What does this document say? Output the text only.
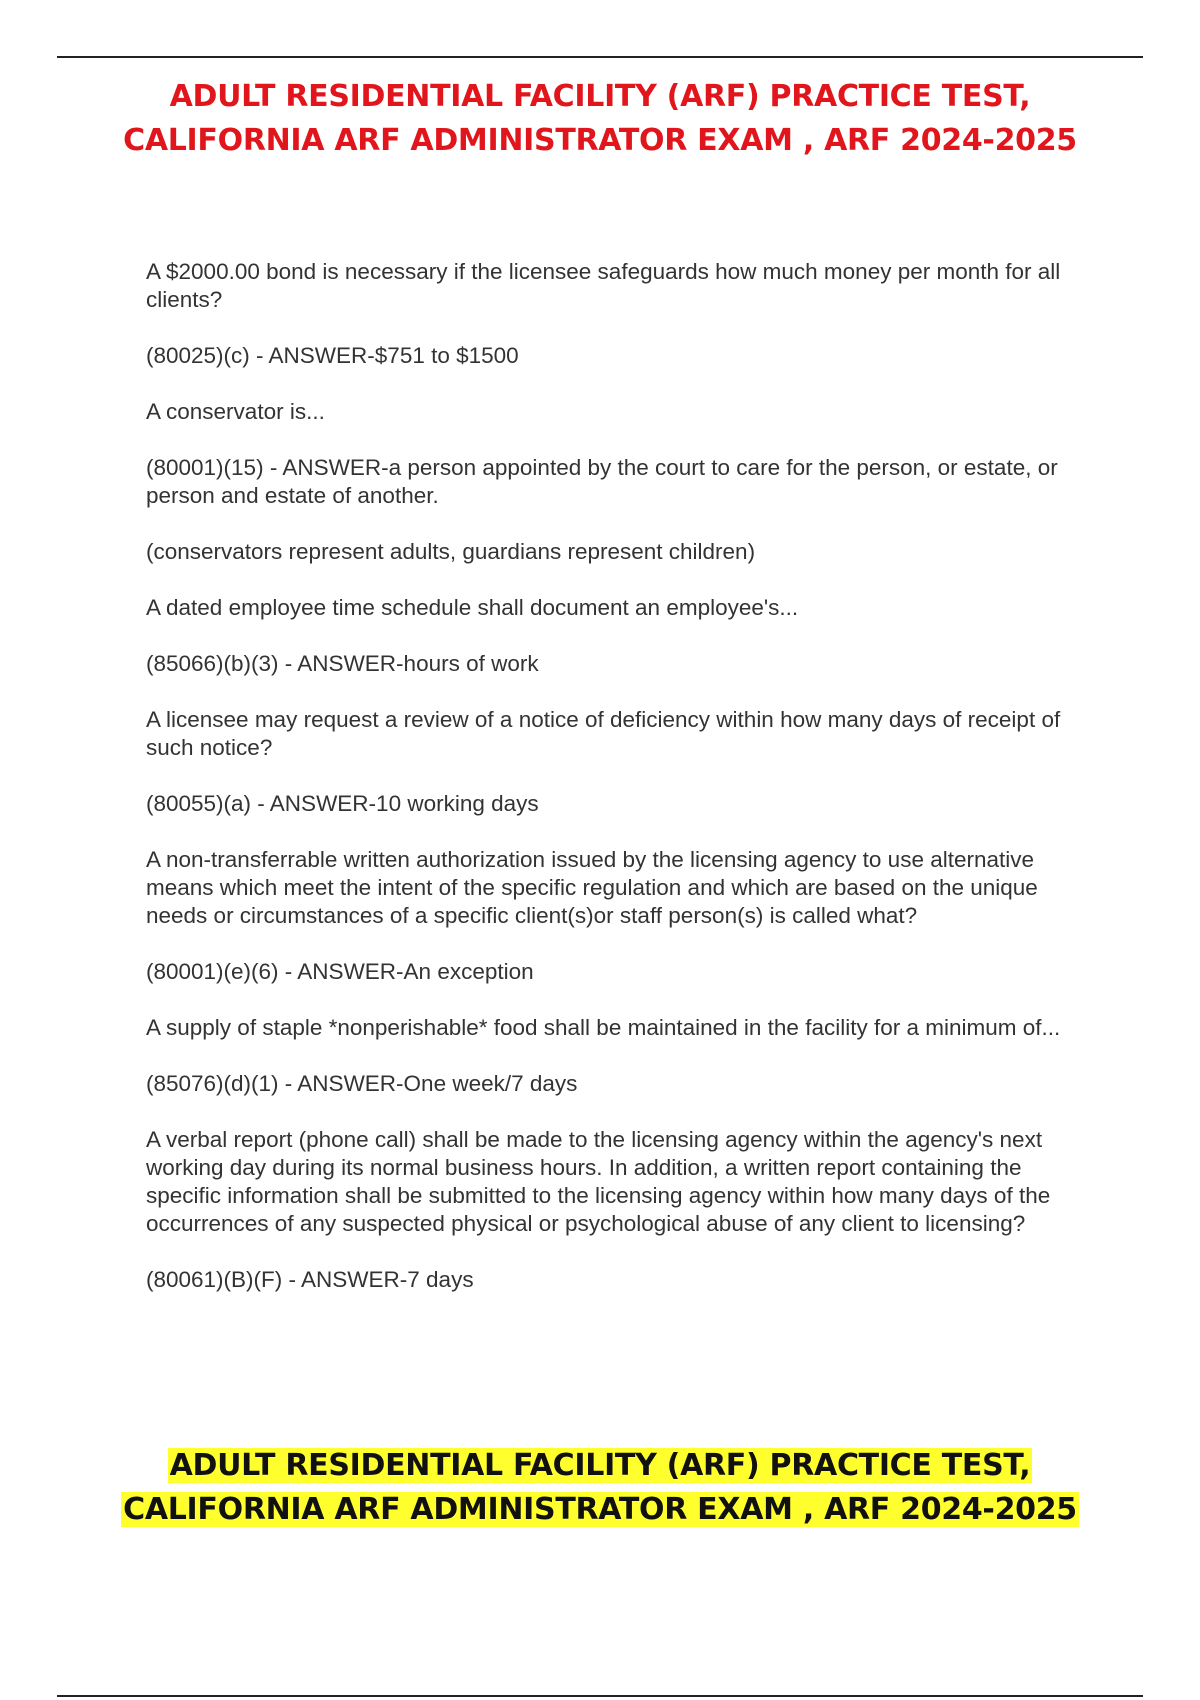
ADULT RESIDENTIAL FACILITY (ARF) PRACTICE TEST, CALIFORNIA ARF ADMINISTRATOR EXAM , ARF 2024-2025

A $2000.00 bond is necessary if the licensee safeguards how much money per month for all clients?

(80025)(c) - ANSWER-$751 to $1500

A conservator is...

(80001)(15) - ANSWER-a person appointed by the court to care for the person, or estate, or person and estate of another.

(conservators represent adults, guardians represent children)

A dated employee time schedule shall document an employee's...

(85066)(b)(3) - ANSWER-hours of work

A licensee may request a review of a notice of deficiency within how many days of receipt of such notice?

(80055)(a) - ANSWER-10 working days

A non-transferrable written authorization issued by the licensing agency to use alternative means which meet the intent of the specific regulation and which are based on the unique needs or circumstances of a specific client(s)or staff person(s) is called what?

(80001)(e)(6) - ANSWER-An exception

A supply of staple *nonperishable* food shall be maintained in the facility for a minimum of...

(85076)(d)(1) - ANSWER-One week/7 days

A verbal report (phone call) shall be made to the licensing agency within the agency's next working day during its normal business hours. In addition, a written report containing the specific information shall be submitted to the licensing agency within how many days of the occurrences of any suspected physical or psychological abuse of any client to licensing?

(80061)(B)(F) - ANSWER-7 days

ADULT RESIDENTIAL FACILITY (ARF) PRACTICE TEST, CALIFORNIA ARF ADMINISTRATOR EXAM , ARF 2024-2025
